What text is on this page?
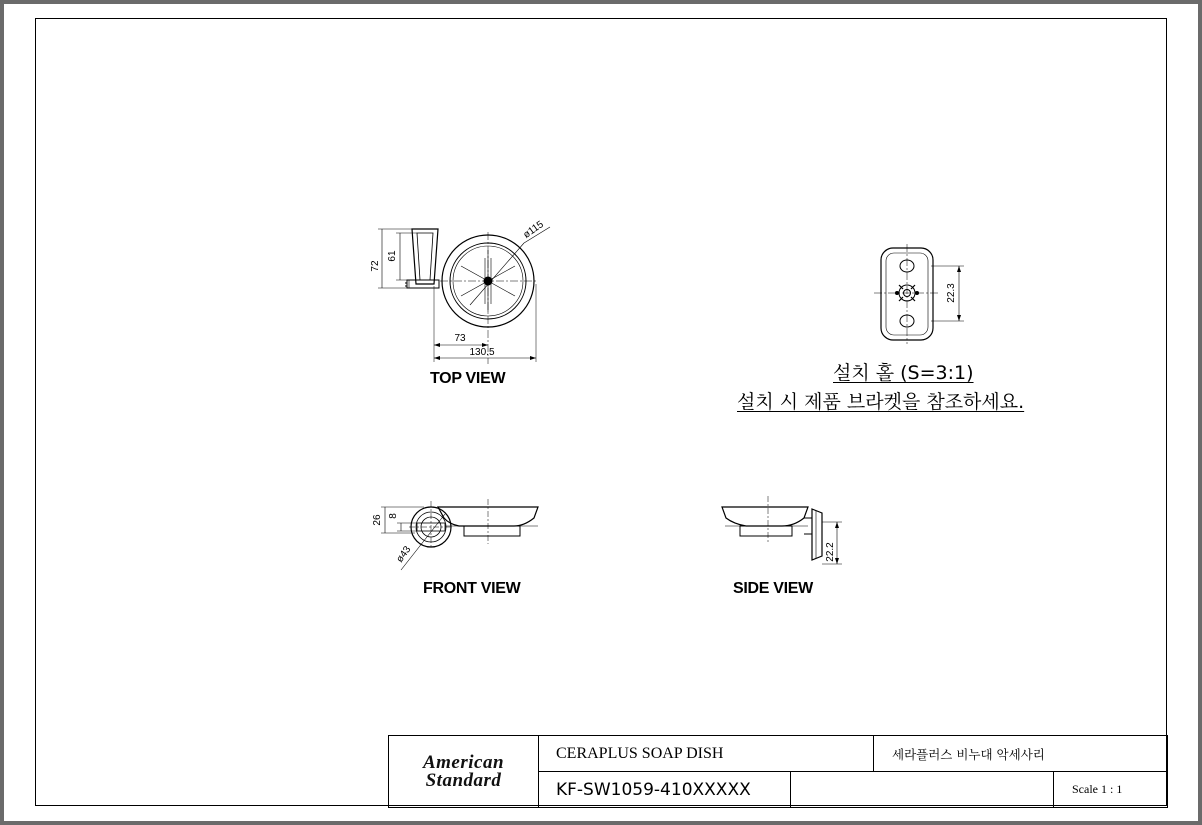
72
61
ø115
73
130.5
22.3
26 8
ø43	22.2
TOP VIEW
FRONT VIEW	SIDE VIEW
설치 홀 (S=3:1)
설치 시 제품 브라켓을 참조하세요.
American
Standard
CERAPLUS SOAP DISH	세라플러스 비누대 악세사리
KF-SW1059-410XXXXX	Scale 1 : 1
